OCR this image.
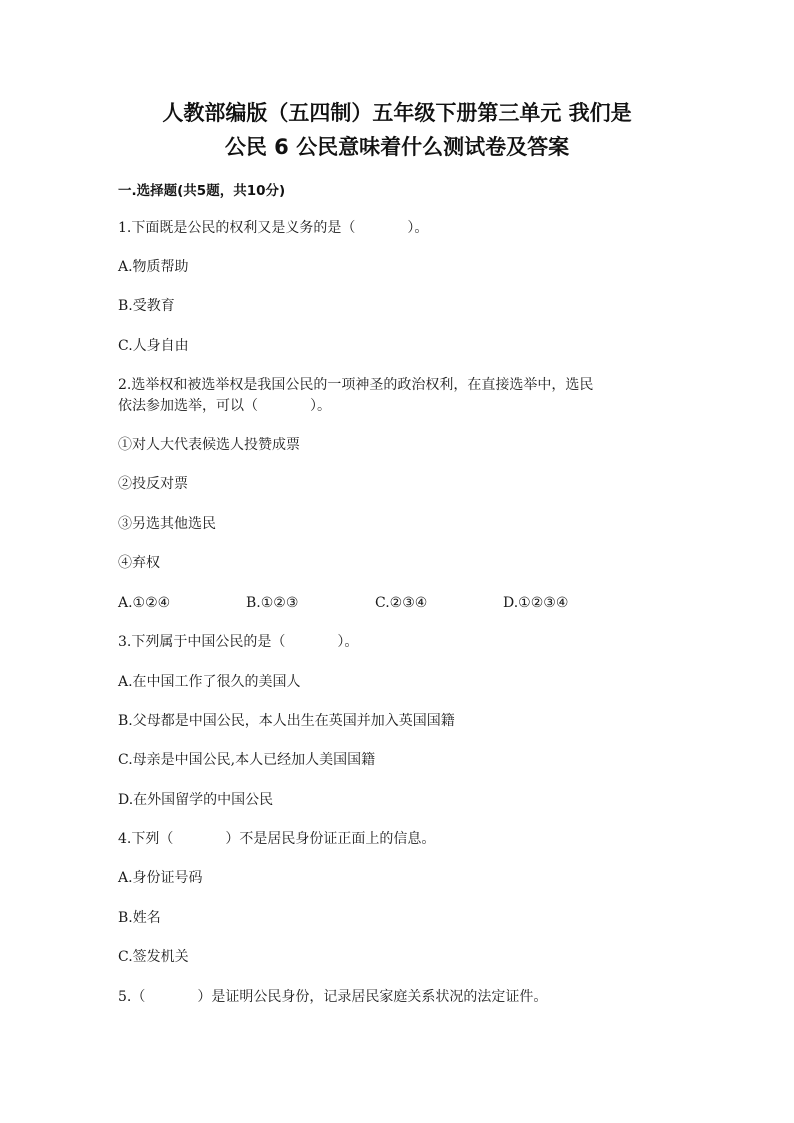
人教部编版（五四制）五年级下册第三单元 我们是
公民 6 公民意味着什么测试卷及答案

一.选择题(共5题，共10分)

1.下面既是公民的权利又是义务的是（	）。

A.物质帮助

B.受教育

C.人身自由

2.选举权和被选举权是我国公民的一项神圣的政治权利，在直接选举中，选民

依法参加选举，可以（	）。

①对人大代表候选人投赞成票

②投反对票

③另选其他选民

④弃权

A.①②④	B.①②③	C.②③④	D.①②③④

3.下列属于中国公民的是（	）。

A.在中国工作了很久的美国人

B.父母都是中国公民，本人出生在英国并加入英国国籍

C.母亲是中国公民,本人已经加人美国国籍

D.在外国留学的中国公民

4.下列（	）不是居民身份证正面上的信息。

A.身份证号码

B.姓名

C.签发机关

5.（	）是证明公民身份，记录居民家庭关系状况的法定证件。
